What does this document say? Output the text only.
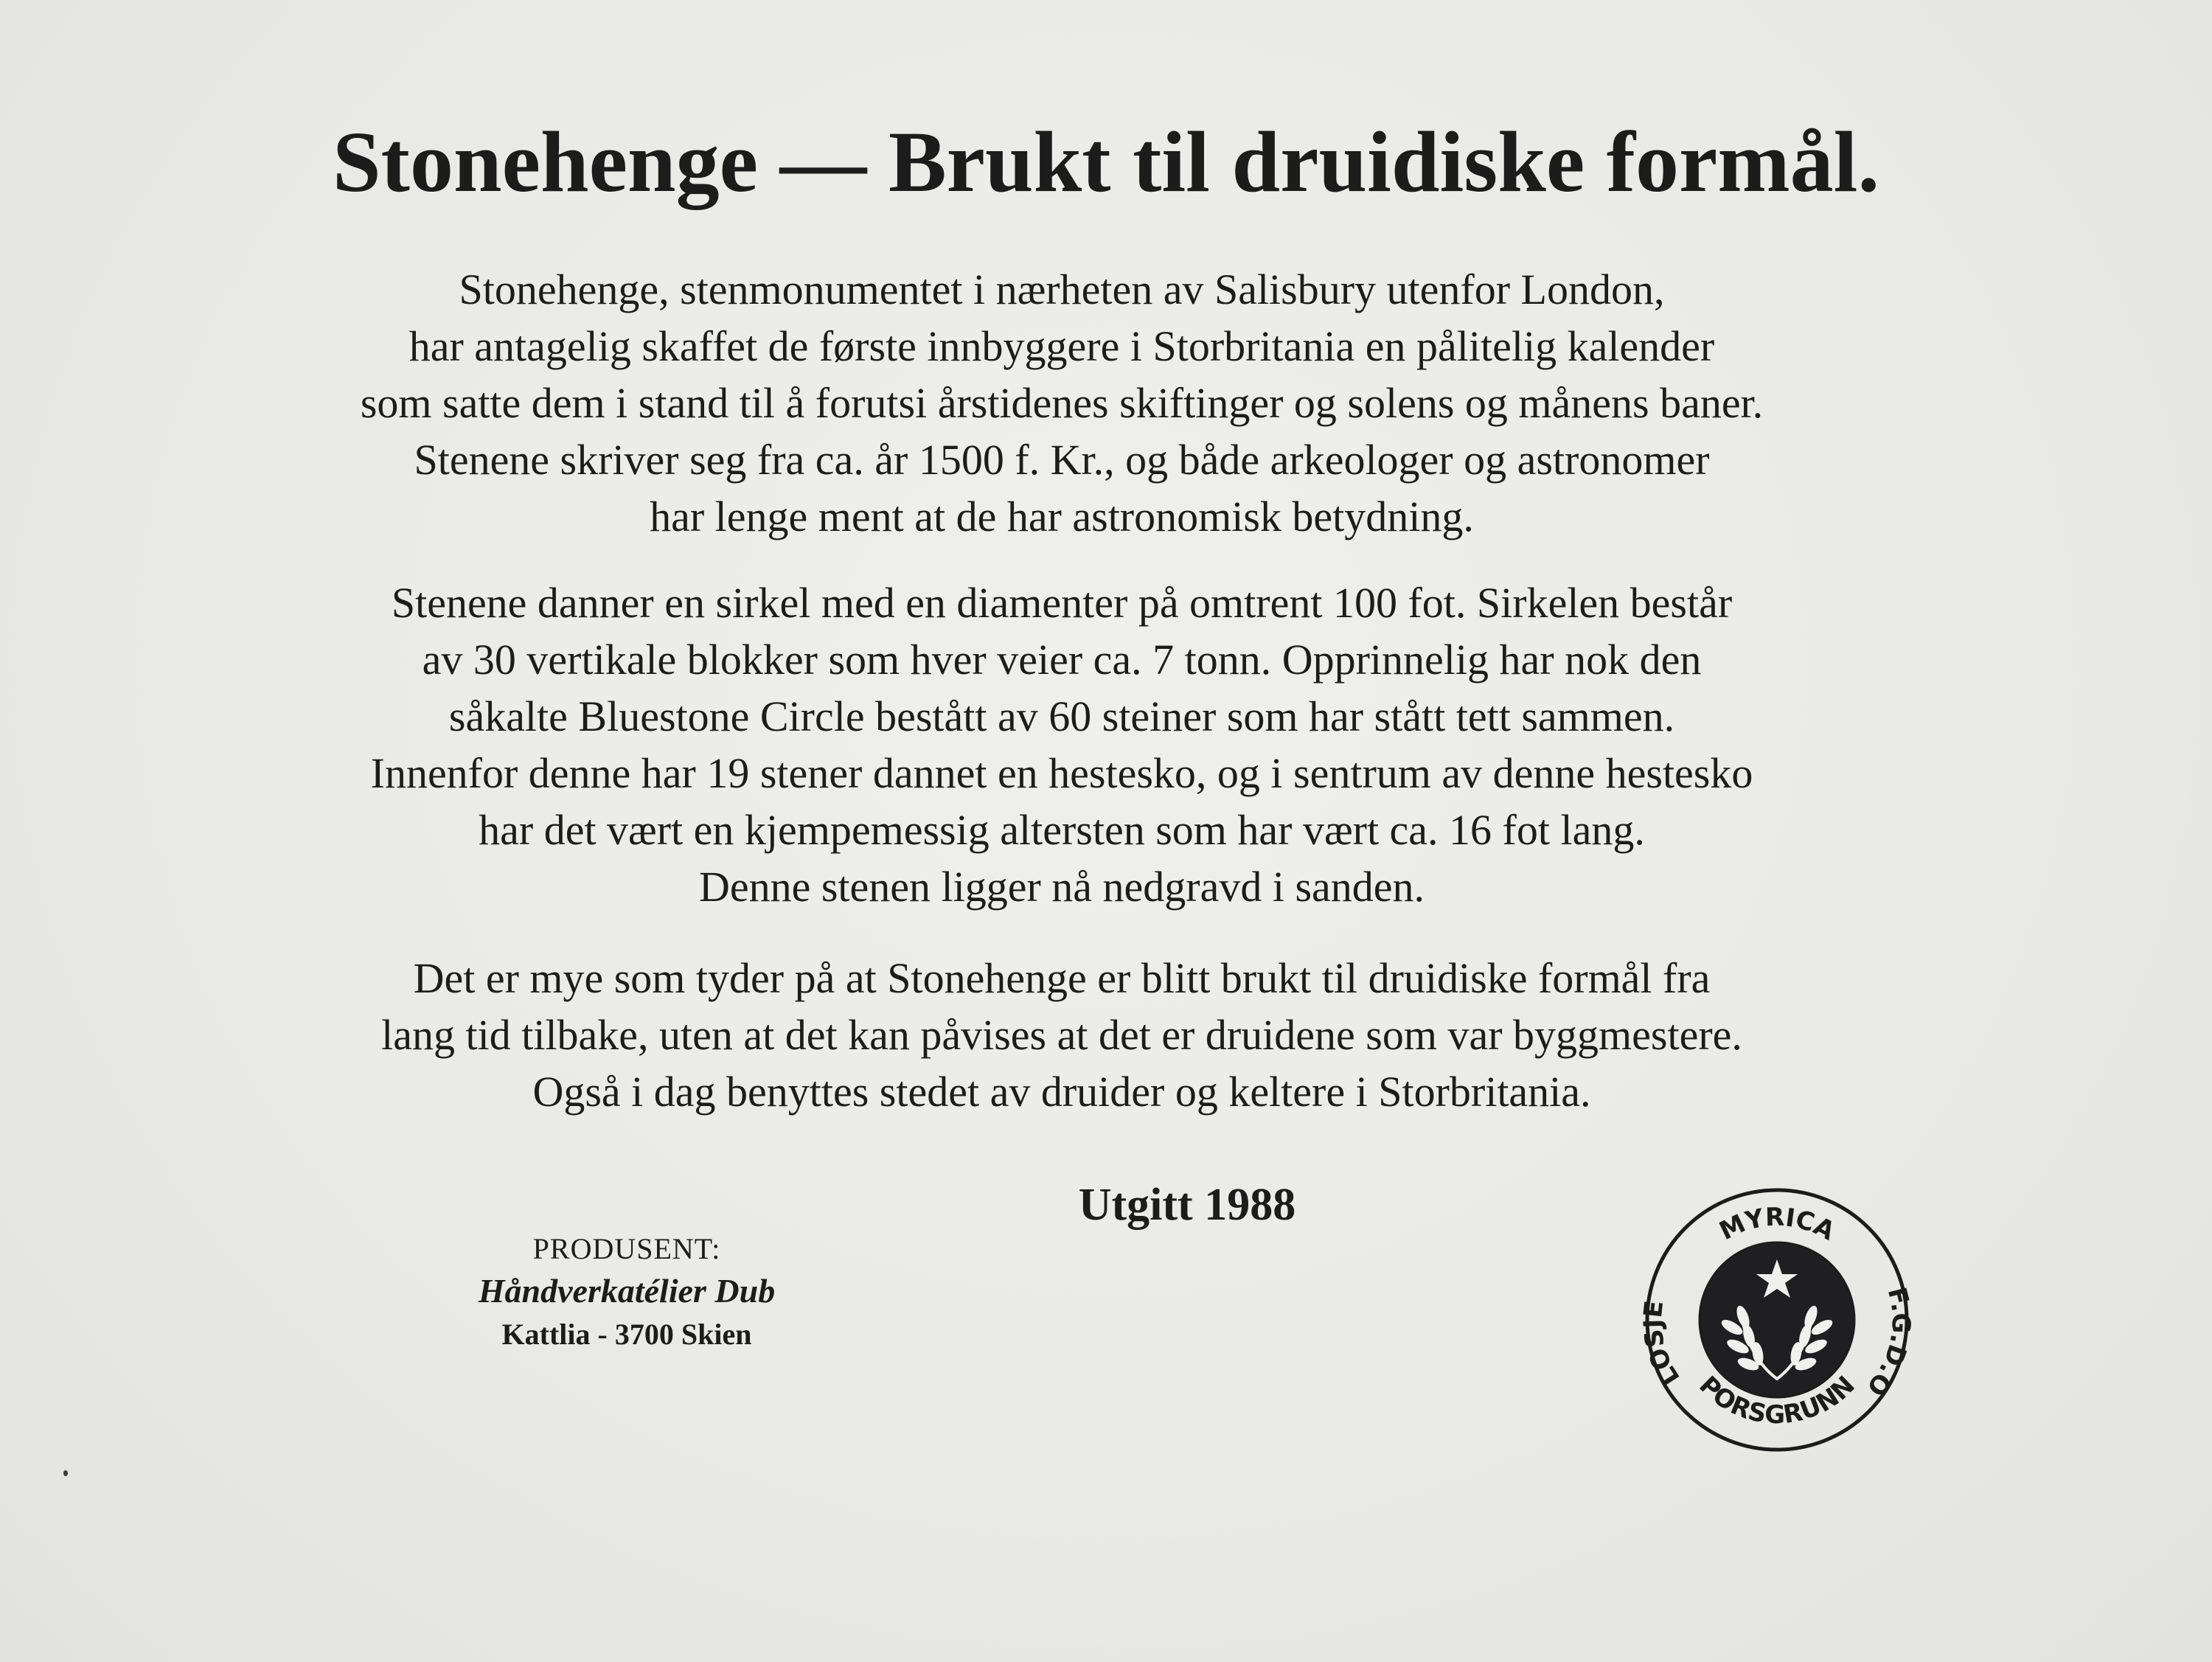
Stonehenge — Brukt til druidiske formål.
Stonehenge, stenmonumentet i nærheten av Salisbury utenfor London,
har antagelig skaffet de første innbyggere i Storbritania en pålitelig kalender
som satte dem i stand til å forutsi årstidenes skiftinger og solens og månens baner.
Stenene skriver seg fra ca. år 1500 f. Kr., og både arkeologer og astronomer
har lenge ment at de har astronomisk betydning.
Stenene danner en sirkel med en diamenter på omtrent 100 fot. Sirkelen består
av 30 vertikale blokker som hver veier ca. 7 tonn. Opprinnelig har nok den
såkalte Bluestone Circle bestått av 60 steiner som har stått tett sammen.
Innenfor denne har 19 stener dannet en hestesko, og i sentrum av denne hestesko
har det vært en kjempemessig altersten som har vært ca. 16 fot lang.
Denne stenen ligger nå nedgravd i sanden.
Det er mye som tyder på at Stonehenge er blitt brukt til druidiske formål fra
lang tid tilbake, uten at det kan påvises at det er druidene som var byggmestere.
Også i dag benyttes stedet av druider og keltere i Storbritania.
Utgitt 1988
PRODUSENT:
Håndverkatélier Dub
Kattlia - 3700 Skien
MYRICA
PORSGRUNN
LOSJE
F.G.D.O
